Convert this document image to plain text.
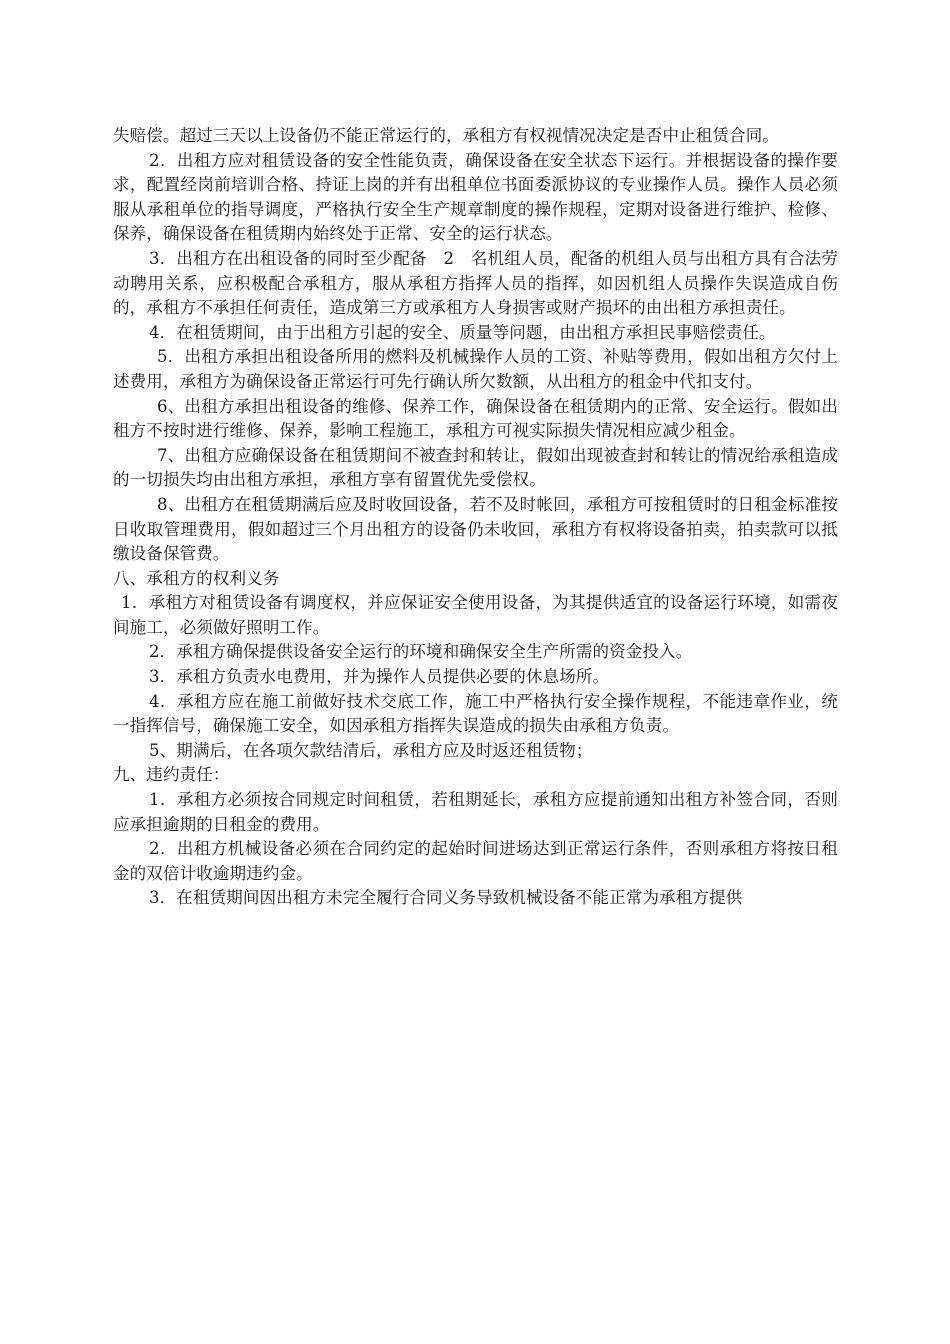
失赔偿。超过三天以上设备仍不能正常运行的，承租方有权视情况决定是否中止租赁合同。

2．出租方应对租赁设备的安全性能负责，确保设备在安全状态下运行。并根据设备的操作要求，配置经岗前培训合格、持证上岗的并有出租单位书面委派协议的专业操作人员。操作人员必须服从承租单位的指导调度，严格执行安全生产规章制度的操作规程，定期对设备进行维护、检修、保养，确保设备在租赁期内始终处于正常、安全的运行状态。

3．出租方在出租设备的同时至少配备　2　名机组人员，配备的机组人员与出租方具有合法劳动聘用关系，应积极配合承租方，服从承租方指挥人员的指挥，如因机组人员操作失误造成自伤的，承租方不承担任何责任，造成第三方或承租方人身损害或财产损坏的由出租方承担责任。

4．在租赁期间，由于出租方引起的安全、质量等问题，由出租方承担民事赔偿责任。

5．出租方承担出租设备所用的燃料及机械操作人员的工资、补贴等费用，假如出租方欠付上述费用，承租方为确保设备正常运行可先行确认所欠数额，从出租方的租金中代扣支付。

6、出租方承担出租设备的维修、保养工作，确保设备在租赁期内的正常、安全运行。假如出租方不按时进行维修、保养，影响工程施工，承租方可视实际损失情况相应减少租金。

7、出租方应确保设备在租赁期间不被查封和转让，假如出现被查封和转让的情况给承租造成的一切损失均由出租方承担，承租方享有留置优先受偿权。

8、出租方在租赁期满后应及时收回设备，若不及时帐回，承租方可按租赁时的日租金标准按日收取管理费用，假如超过三个月出租方的设备仍未收回，承租方有权将设备拍卖，拍卖款可以抵缴设备保管费。

八、承租方的权利义务

1．承租方对租赁设备有调度权，并应保证安全使用设备，为其提供适宜的设备运行环境，如需夜间施工，必须做好照明工作。

2．承租方确保提供设备安全运行的环境和确保安全生产所需的资金投入。

3．承租方负责水电费用，并为操作人员提供必要的休息场所。

4．承租方应在施工前做好技术交底工作，施工中严格执行安全操作规程，不能违章作业，统一指挥信号，确保施工安全，如因承租方指挥失误造成的损失由承租方负责。

5、期满后，在各项欠款结清后，承租方应及时返还租赁物；

九、违约责任：

1．承租方必须按合同规定时间租赁，若租期延长，承租方应提前通知出租方补签合同，否则应承担逾期的日租金的费用。

2．出租方机械设备必须在合同约定的起始时间进场达到正常运行条件，否则承租方将按日租金的双倍计收逾期违约金。

3．在租赁期间因出租方未完全履行合同义务导致机械设备不能正常为承租方提供
